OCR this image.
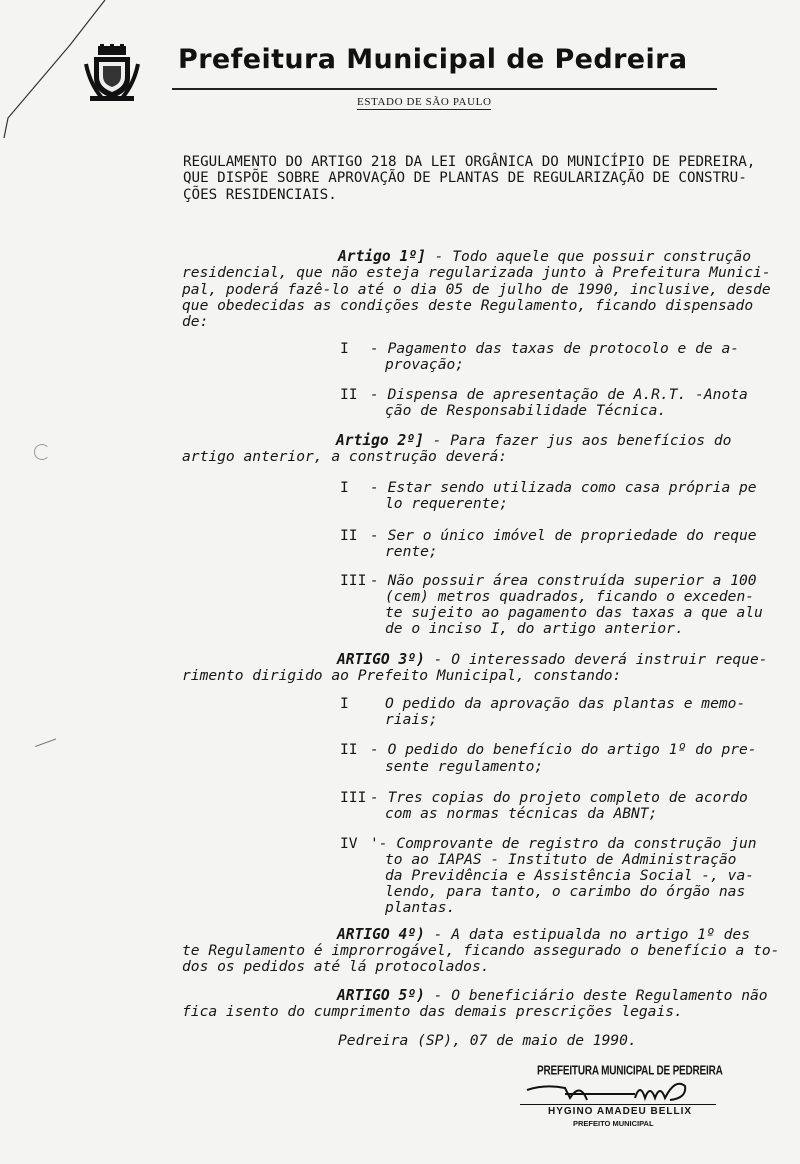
Prefeitura Municipal de Pedreira
ESTADO DE SÃO PAULO
REGULAMENTO DO ARTIGO 218 DA LEI ORGÂNICA DO MUNICÍPIO DE PEDREIRA,
QUE DISPÕE SOBRE APROVAÇÃO DE PLANTAS DE REGULARIZAÇÃO DE CONSTRU-
ÇÕES RESIDENCIAIS.
Artigo 1º] - Todo aquele que possuir construção
residencial, que não esteja regularizada junto à Prefeitura Munici-
pal, poderá fazê-lo até o dia 05 de julho de 1990, inclusive, desde
que obedecidas as condições deste Regulamento, ficando dispensado
de:
I - Pagamento das taxas de protocolo e de a-
provação;
II - Dispensa de apresentação de A.R.T. -Anota
ção de Responsabilidade Técnica.
Artigo 2º] - Para fazer jus aos benefícios do
artigo anterior, a construção deverá:
I - Estar sendo utilizada como casa própria pe
lo requerente;
II - Ser o único imóvel de propriedade do reque
rente;
III - Não possuir área construída superior a 100
(cem) metros quadrados, ficando o exceden-
te sujeito ao pagamento das taxas a que alu
de o inciso I, do artigo anterior.
ARTIGO 3º) - O interessado deverá instruir reque-
rimento dirigido ao Prefeito Municipal, constando:
I O pedido da aprovação das plantas e memo-
riais;
II - O pedido do benefício do artigo 1º do pre-
sente regulamento;
III - Tres copias do projeto completo de acordo
com as normas técnicas da ABNT;
IV '- Comprovante de registro da construção jun
to ao IAPAS - Instituto de Administração
da Previdência e Assistência Social -, va-
lendo, para tanto, o carimbo do órgão nas
plantas.
ARTIGO 4º) - A data estipualda no artigo 1º des
te Regulamento é improrrogável, ficando assegurado o benefício a to-
dos os pedidos até lá protocolados.
ARTIGO 5º) - O beneficiário deste Regulamento não
fica isento do cumprimento das demais prescrições legais.
Pedreira (SP), 07 de maio de 1990.
PREFEITURA MUNICIPAL DE PEDREIRA
HYGINO AMADEU BELLIX
PREFEITO MUNICIPAL
